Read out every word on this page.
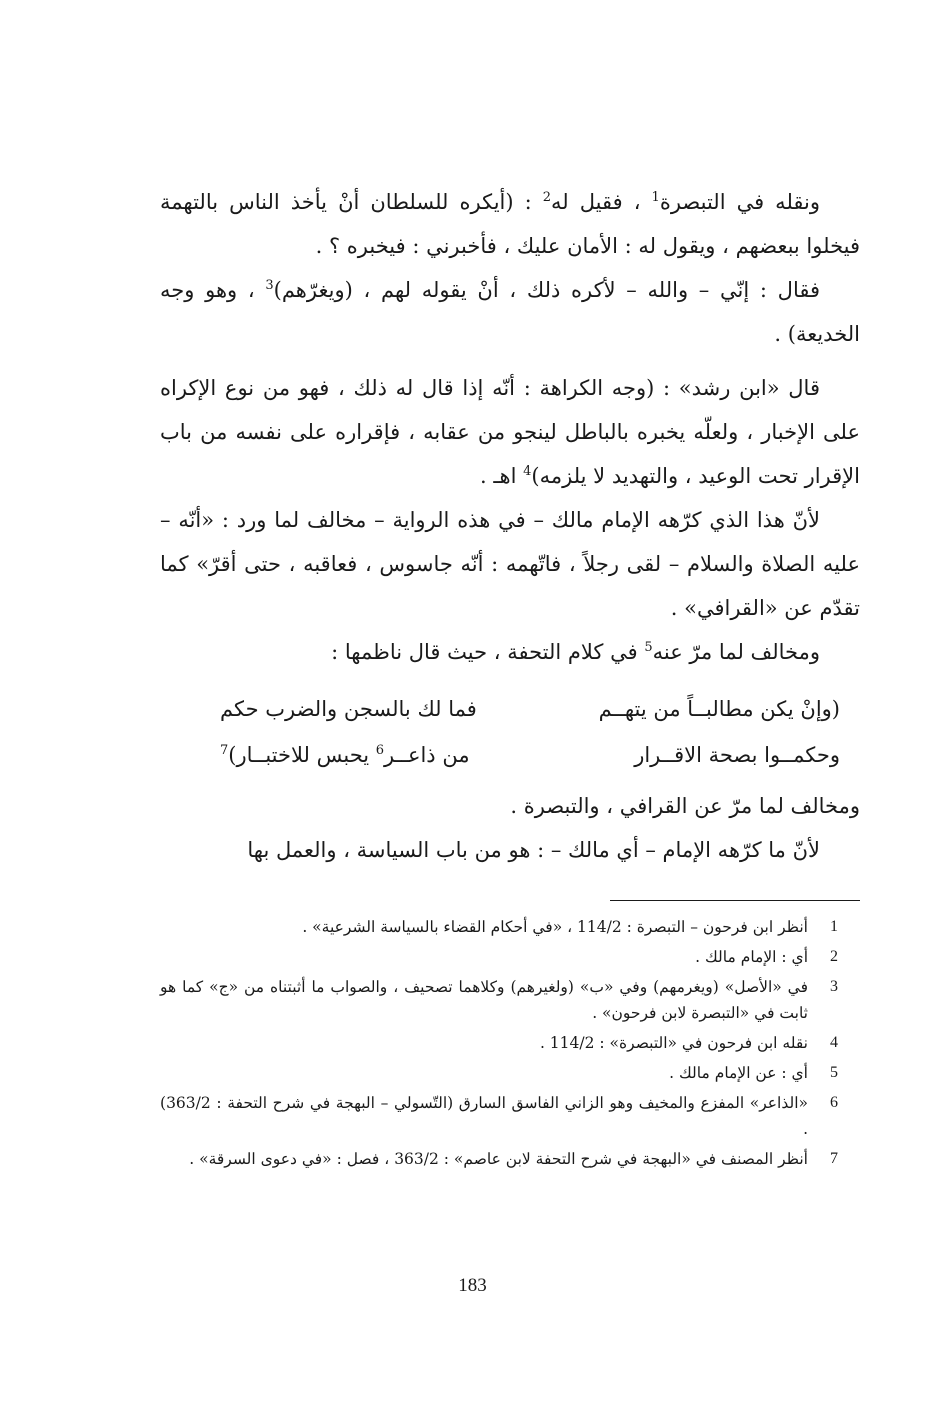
ونقله في التبصرة$^1$ ، فقيل له$^2$ : (أيكره للسلطان أنْ يأخذ الناس بالتهمة فيخلوا ببعضهم ، ويقول له : الأمان عليك ، فأخبرني : فيخبره ؟ .

فقال : إنّي – والله – لأكره ذلك ، أنْ يقوله لهم ، (ويغرّهم)$^3$ ، وهو وجه الخديعة) .

قال «ابن رشد» : (وجه الكراهة : أنّه إذا قال له ذلك ، فهو من نوع الإكراه على الإخبار ، ولعلّه يخبره بالباطل لينجو من عقابه ، فإقراره على نفسه من باب الإقرار تحت الوعيد ، والتهديد لا يلزمه)$^4$ اهـ .

لأنّ هذا الذي كرّهه الإمام مالك – في هذه الرواية – مخالف لما ورد : «أنّه – عليه الصلاة والسلام – لقى رجلاً ، فاتّهمه : أنّه جاسوس ، فعاقبه ، حتى أقرّ» كما تقدّم عن «القرافي» .

ومخالف لما مرّ عنه$^5$ في كلام التحفة ، حيث قال ناظمها :

(وإنْ يكن مطالبــاً من يتهــم
فما لك بالسجن والضرب حكم
وحكمــوا بصحة الاقــرار
من ذاعــر$^6$ يحبس للاختبــار)$^7$

ومخالف لما مرّ عن القرافي ، والتبصرة .

لأنّ ما كرّهه الإمام – أي مالك – : هو من باب السياسة ، والعمل بها

1
أنظر ابن فرحون – التبصرة : 114/2 ، «في أحكام القضاء بالسياسة الشرعية» .
2
أي : الإمام مالك .
3
في «الأصل» (ويغرمهم) وفي «ب» (ولغيرهم) وكلاهما تصحيف ، والصواب ما أثبتناه من «ج» كما هو ثابت في «التبصرة لابن فرحون» .
4
نقله ابن فرحون في «التبصرة» : 114/2 .
5
أي : عن الإمام مالك .
6
«الذاعر» المفزع والمخيف وهو الزاني الفاسق السارق (التّسولي – البهجة في شرح التحفة : 363/2) .
7
أنظر المصنف في «البهجة في شرح التحفة لابن عاصم» : 363/2 ، فصل : «في دعوى السرقة» .
183
